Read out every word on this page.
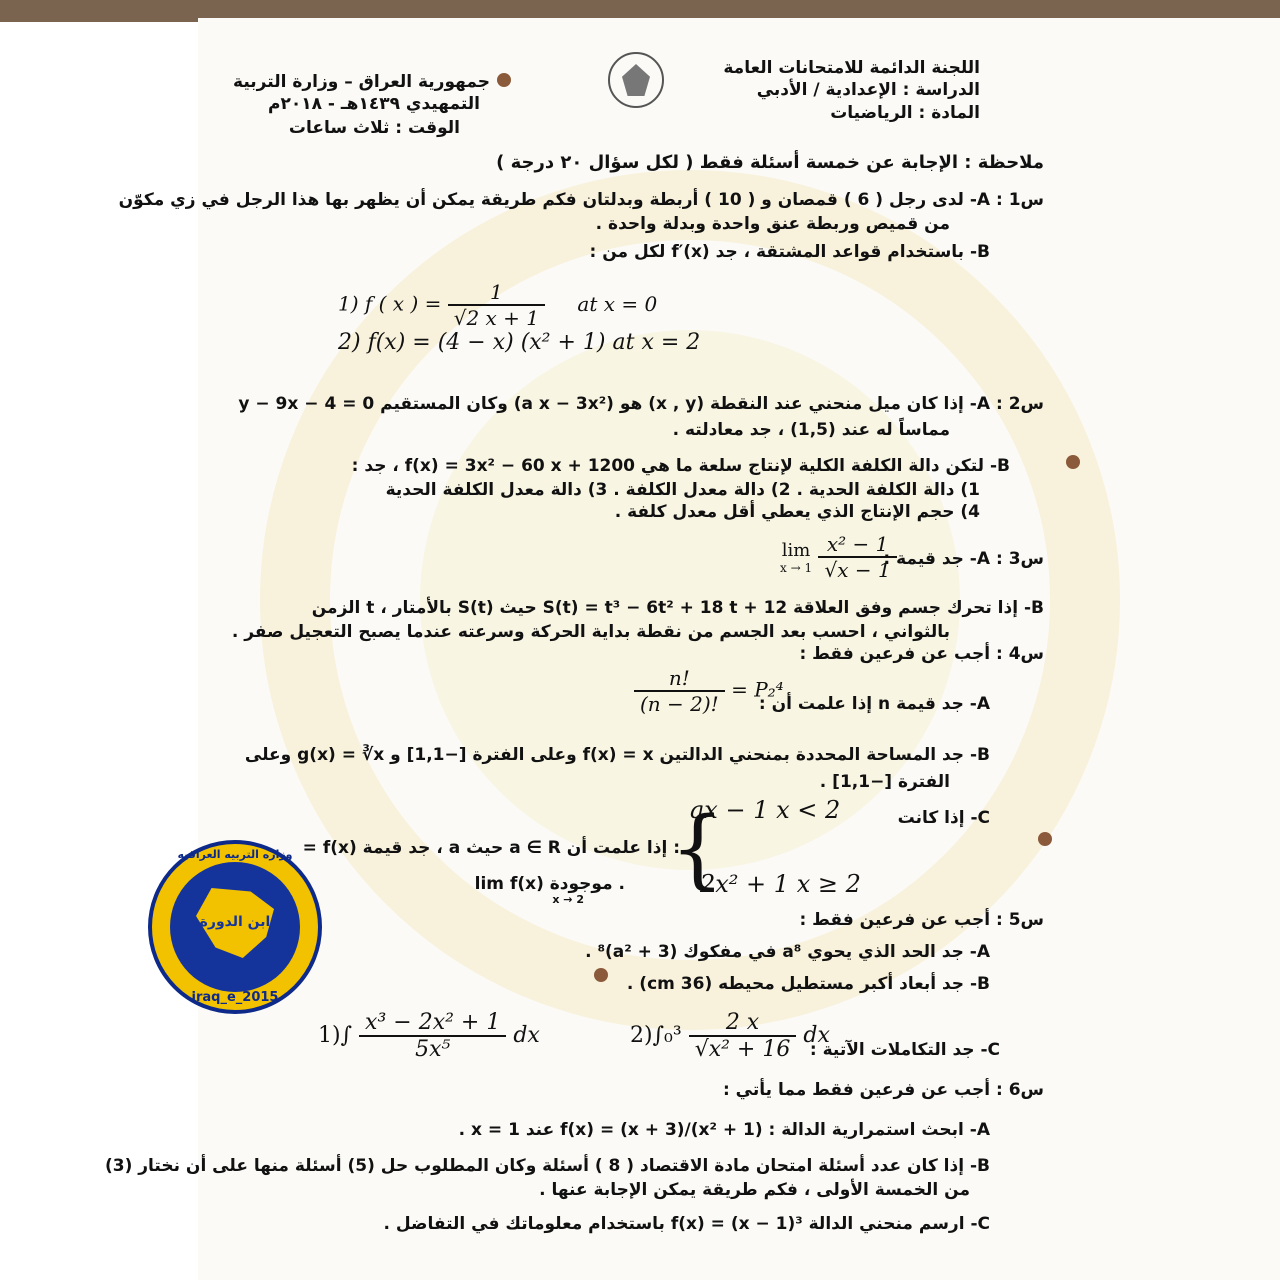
اللجنة الدائمة للامتحانات العامة
الدراسة : الإعدادية / الأدبي
المادة : الرياضيات
جمهورية العراق – وزارة التربية
التمهيدي ١٤٣٩هـ - ٢٠١٨م
الوقت : ثلاث ساعات
ملاحظة : الإجابة عن خمسة أسئلة فقط ( لكل سؤال ٢٠ درجة )
س1 : A- لدى رجل ( 6 ) قمصان و ( 10 ) أربطة وبدلتان فكم طريقة يمكن أن يظهر بها هذا الرجل في زي مكوّن
من قميص وربطة عنق واحدة وبدلة واحدة .
B- باستخدام قواعد المشتقة ، جد f′(x) لكل من :
1) f ( x ) = $\frac{1}{√2 x + 1}$ at x = 0
2) f(x) = (4 − x) (x² + 1) at x = 2
س2 : A- إذا كان ميل منحني عند النقطة (x , y) هو (a x − 3x²) وكان المستقيم 0 = 4 − y − 9x
مماساً له عند (1,5) ، جد معادلته .
B- لتكن دالة الكلفة الكلية لإنتاج سلعة ما هي f(x) = 3x² − 60 x + 1200 ، جد :
1) دالة الكلفة الحدية . 2) دالة معدل الكلفة . 3) دالة معدل الكلفة الحدية
4) حجم الإنتاج الذي يعطي أقل معدل كلفة .
س3 : A- جد قيمة :
lim
x → 1
$\frac{\text{x² − 1}}{√x - 1}$
B- إذا تحرك جسم وفق العلاقة S(t) = t³ − 6t² + 18 t + 12 حيث S(t) بالأمتار ، t الزمن
بالثواني ، احسب بعد الجسم من نقطة بداية الحركة وسرعته عندما يصبح التعجيل صفر .
س4 : أجب عن فرعين فقط :
A- جد قيمة n إذا علمت أن :
$\frac{n!}{(n - 2)!} = P_2^4$
B- جد المساحة المحددة بمنحني الدالتين f(x) = x وعلى الفترة [−1,1] و g(x) = ∛x وعلى
الفترة [−1,1] .
C- إذا كانت
: إذا علمت أن a ∈ R حيث a ، جد قيمة f(x) =
ax − 1 x < 2
{
2x² + 1 x ≥ 2
. موجودة lim f(x)
x → 2
س5 : أجب عن فرعين فقط :
A- جد الحد الذي يحوي a⁸ في مفكوك (3 + a²)⁸ .
B- جد أبعاد أكبر مستطيل محيطه (36 cm) .
C- جد التكاملات الآتية :
$1)\int \frac{\text{x³ − 2x² + 1}}{\text{5x⁵}}$ dx	$2)\int_0^3 \frac{2 x}{\text{√x² + 16}}$ dx
س6 : أجب عن فرعين فقط مما يأتي :
A- ابحث استمرارية الدالة : f(x) = (x + 3)/(x² + 1) عند x = 1 .
B- إذا كان عدد أسئلة امتحان مادة الاقتصاد ( 8 ) أسئلة وكان المطلوب حل (5) أسئلة منها على أن نختار (3)
من الخمسة الأولى ، فكم طريقة يمكن الإجابة عنها .
C- ارسم منحني الدالة f(x) = (x − 1)³ باستخدام معلوماتك في التفاضل .
وزاره التربيه العراقيه
ابن الدورة
iraq_e_2015
